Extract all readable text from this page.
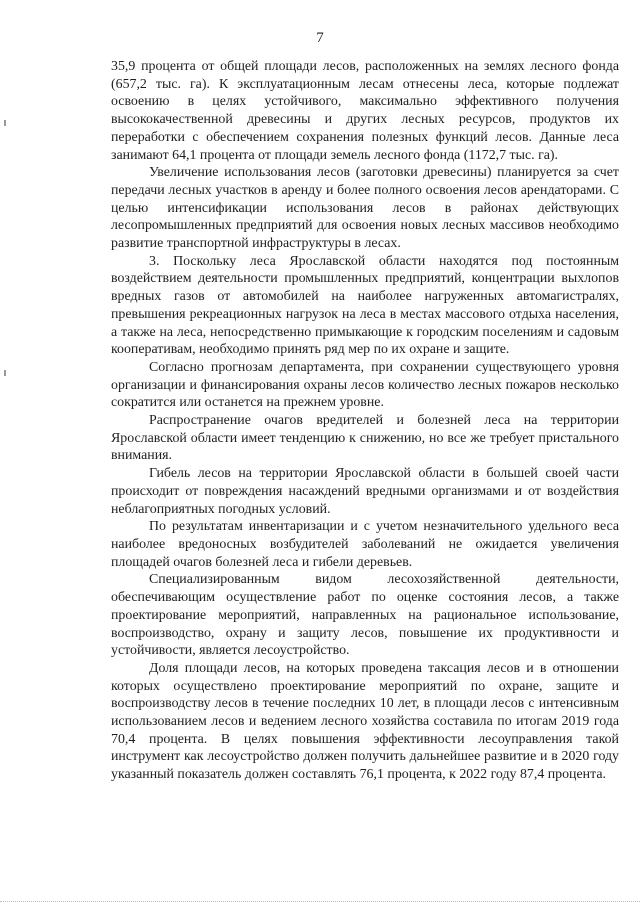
7

35,9 процента от общей площади лесов, расположенных на землях лесного фонда (657,2 тыс. га). К эксплуатационным лесам отнесены леса, которые подлежат освоению в целях устойчивого, максимально эффективного получения высококачественной древесины и других лесных ресурсов, продуктов их переработки с обеспечением сохранения полезных функций лесов. Данные леса занимают 64,1 процента от площади земель лесного фонда (1172,7 тыс. га).

Увеличение использования лесов (заготовки древесины) планируется за счет передачи лесных участков в аренду и более полного освоения лесов арендаторами. С целью интенсификации использования лесов в районах действующих лесопромышленных предприятий для освоения новых лесных массивов необходимо развитие транспортной инфраструктуры в лесах.

3. Поскольку леса Ярославской области находятся под постоянным воздействием деятельности промышленных предприятий, концентрации выхлопов вредных газов от автомобилей на наиболее нагруженных автомагистралях, превышения рекреационных нагрузок на леса в местах массового отдыха населения, а также на леса, непосредственно примыкающие к городским поселениям и садовым кооперативам, необходимо принять ряд мер по их охране и защите.

Согласно прогнозам департамента, при сохранении существующего уровня организации и финансирования охраны лесов количество лесных пожаров несколько сократится или останется на прежнем уровне.

Распространение очагов вредителей и болезней леса на территории Ярославской области имеет тенденцию к снижению, но все же требует пристального внимания.

Гибель лесов на территории Ярославской области в большей своей части происходит от повреждения насаждений вредными организмами и от воздействия неблагоприятных погодных условий.

По результатам инвентаризации и с учетом незначительного удельного веса наиболее вредоносных возбудителей заболеваний не ожидается увеличения площадей очагов болезней леса и гибели деревьев.

Специализированным видом лесохозяйственной деятельности, обеспечивающим осуществление работ по оценке состояния лесов, а также проектирование мероприятий, направленных на рациональное использование, воспроизводство, охрану и защиту лесов, повышение их продуктивности и устойчивости, является лесоустройство.

Доля площади лесов, на которых проведена таксация лесов и в отношении которых осуществлено проектирование мероприятий по охране, защите и воспроизводству лесов в течение последних 10 лет, в площади лесов с интенсивным использованием лесов и ведением лесного хозяйства составила по итогам 2019 года 70,4 процента. В целях повышения эффективности лесоуправления такой инструмент как лесоустройство должен получить дальнейшее развитие и в 2020 году указанный показатель должен составлять 76,1 процента, к 2022 году 87,4 процента.
